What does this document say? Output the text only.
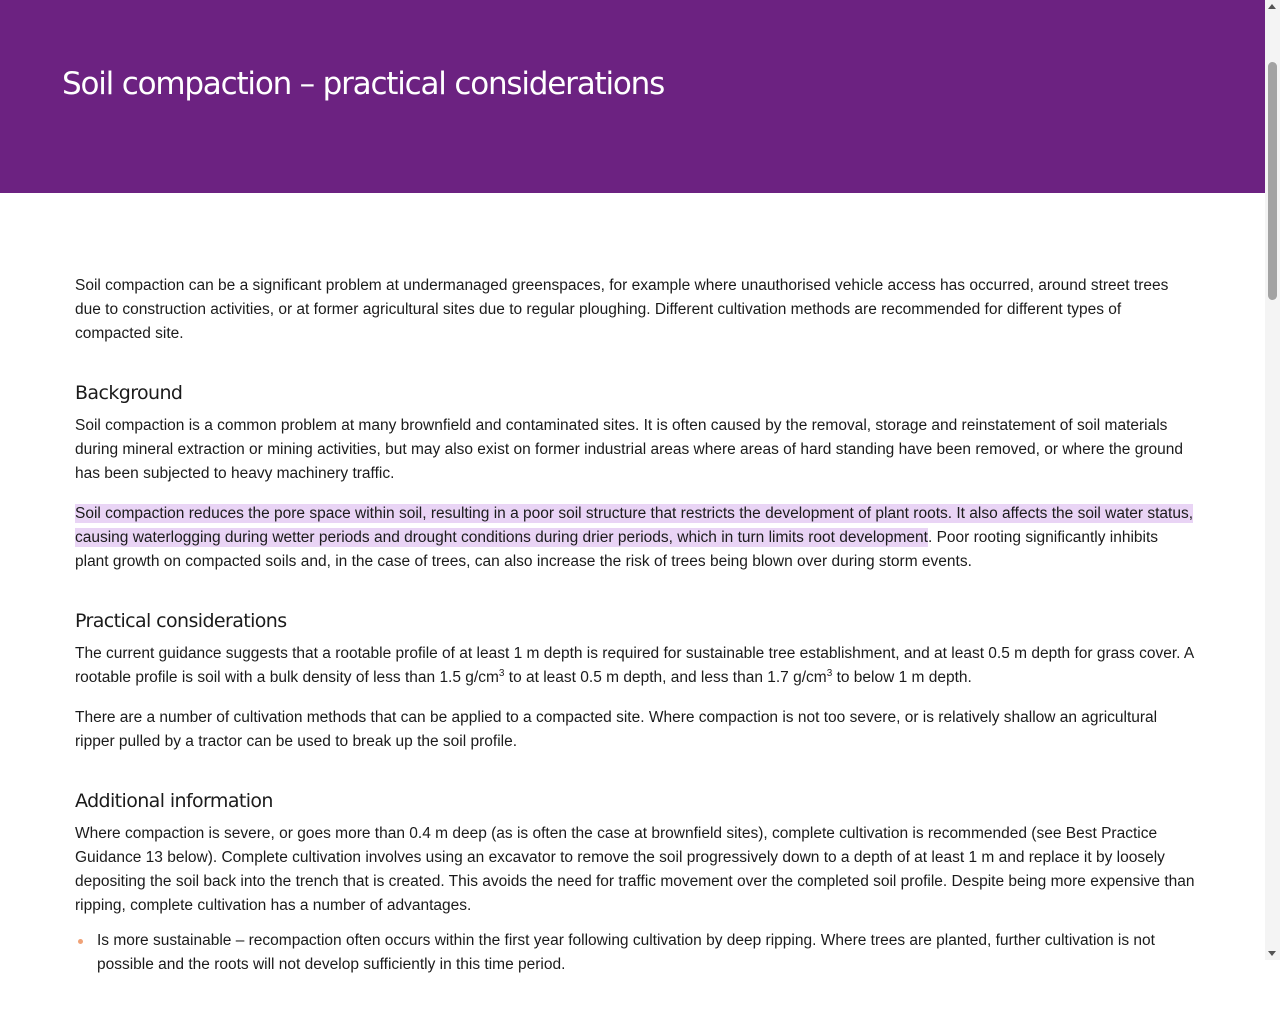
Soil compaction – practical considerations

Soil compaction can be a significant problem at undermanaged greenspaces, for example where unauthorised vehicle access has occurred, around street trees due to construction activities, or at former agricultural sites due to regular ploughing. Different cultivation methods are recommended for different types of compacted site.

Background

Soil compaction is a common problem at many brownfield and contaminated sites. It is often caused by the removal, storage and reinstatement of soil materials during mineral extraction or mining activities, but may also exist on former industrial areas where areas of hard standing have been removed, or where the ground has been subjected to heavy machinery traffic.

Soil compaction reduces the pore space within soil, resulting in a poor soil structure that restricts the development of plant roots. It also affects the soil water status, causing waterlogging during wetter periods and drought conditions during drier periods, which in turn limits root development. Poor rooting significantly inhibits plant growth on compacted soils and, in the case of trees, can also increase the risk of trees being blown over during storm events.

Practical considerations

The current guidance suggests that a rootable profile of at least 1 m depth is required for sustainable tree establishment, and at least 0.5 m depth for grass cover. A rootable profile is soil with a bulk density of less than 1.5 $g/cm^3$ to at least 0.5 m depth, and less than 1.7 $g/cm^3$ to below 1 m depth.

There are a number of cultivation methods that can be applied to a compacted site. Where compaction is not too severe, or is relatively shallow an agricultural ripper pulled by a tractor can be used to break up the soil profile.

Additional information

Where compaction is severe, or goes more than 0.4 m deep (as is often the case at brownfield sites), complete cultivation is recommended (see Best Practice Guidance 13 below). Complete cultivation involves using an excavator to remove the soil progressively down to a depth of at least 1 m and replace it by loosely depositing the soil back into the trench that is created. This avoids the need for traffic movement over the completed soil profile. Despite being more expensive than ripping, complete cultivation has a number of advantages.

Is more sustainable – recompaction often occurs within the first year following cultivation by deep ripping. Where trees are planted, further cultivation is not possible and the roots will not develop sufficiently in this time period.
